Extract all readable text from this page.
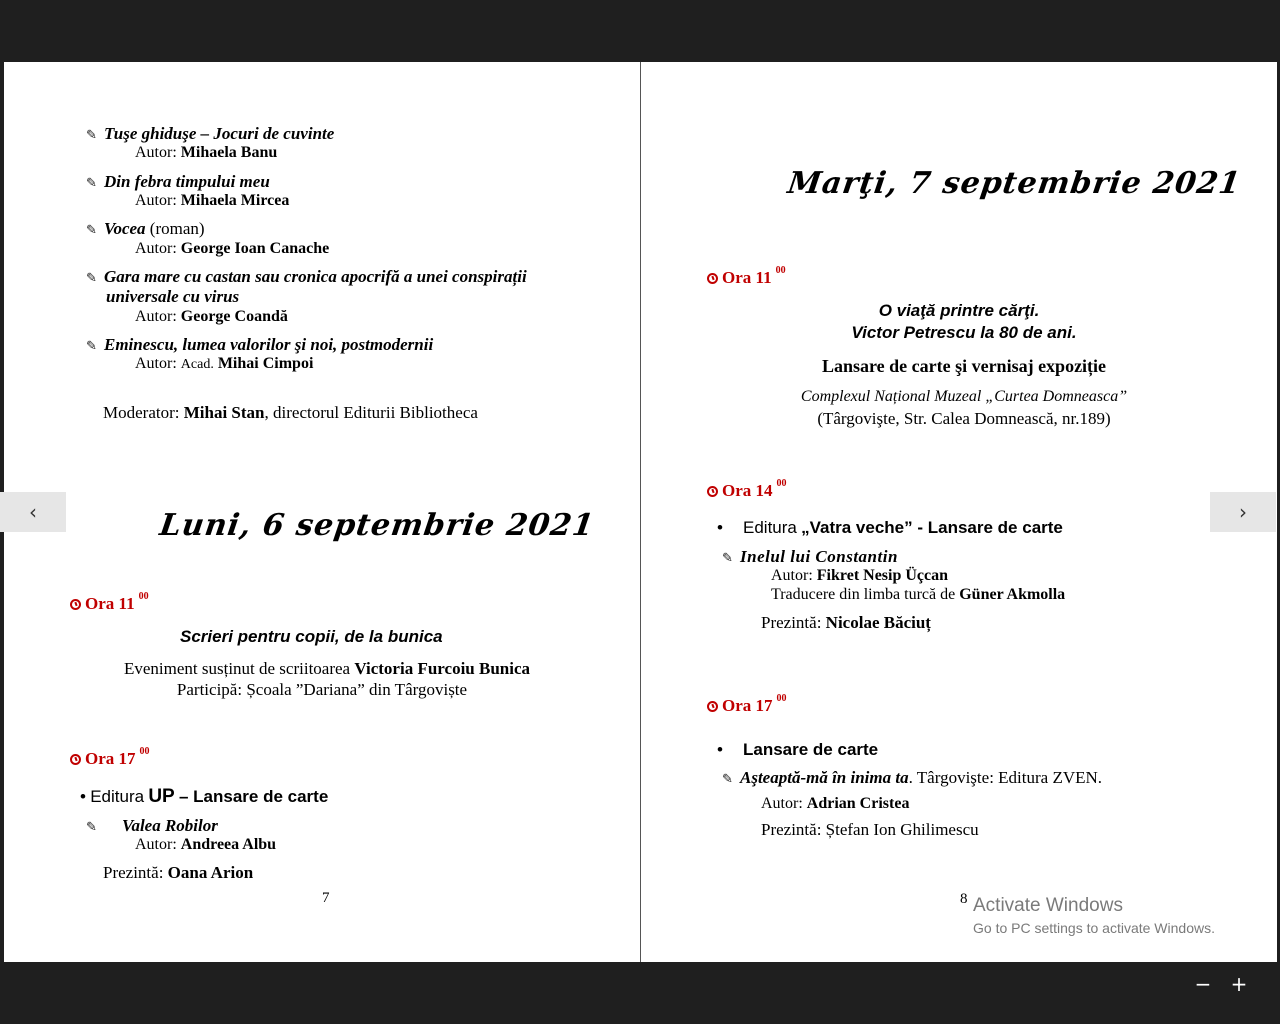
✎ Tuşe ghiduşe – Jocuri de cuvinte
Autor: Mihaela Banu
✎ Din febra timpului meu
Autor: Mihaela Mircea
✎ Vocea (roman)
Autor: George Ioan Canache
✎ Gara mare cu castan sau cronica apocrifă a unei conspirații
universale cu virus
Autor: George Coandă
✎ Eminescu, lumea valorilor şi noi, postmodernii
Autor: Acad. Mihai Cimpoi
Moderator: Mihai Stan, directorul Editurii Bibliotheca
Luni, 6 septembrie 2021
Ora 11 $^{00}$
Scrieri pentru copii, de la bunica
Eveniment susținut de scriitoarea Victoria Furcoiu Bunica
Participă: Școala ”Dariana” din Târgoviște
Ora 17 $^{00}$
• Editura UP – Lansare de carte
✎ Valea Robilor
Autor: Andreea Albu
Prezintă: Oana Arion
7
Marţi, 7 septembrie 2021
Ora 11 $^{00}$
O viaţă printre cărţi.
Victor Petrescu la 80 de ani.
Lansare de carte şi vernisaj expoziție
Complexul Național Muzeal „Curtea Domneasca”
(Târgovişte, Str. Calea Domnească, nr.189)
Ora 14 $^{00}$
• Editura „Vatra veche” - Lansare de carte
✎ Inelul lui Constantin
Autor: Fikret Nesip Üçcan
Traducere din limba turcă de Güner Akmolla
Prezintă: Nicolae Băciuț
Ora 17 $^{00}$
• Lansare de carte
✎ Aşteaptă-mă în inima ta. Târgovişte: Editura ZVEN.
Autor: Adrian Cristea
Prezintă: Ștefan Ion Ghilimescu
8
‹	›
− +
Activate Windows
Go to PC settings to activate Windows.
